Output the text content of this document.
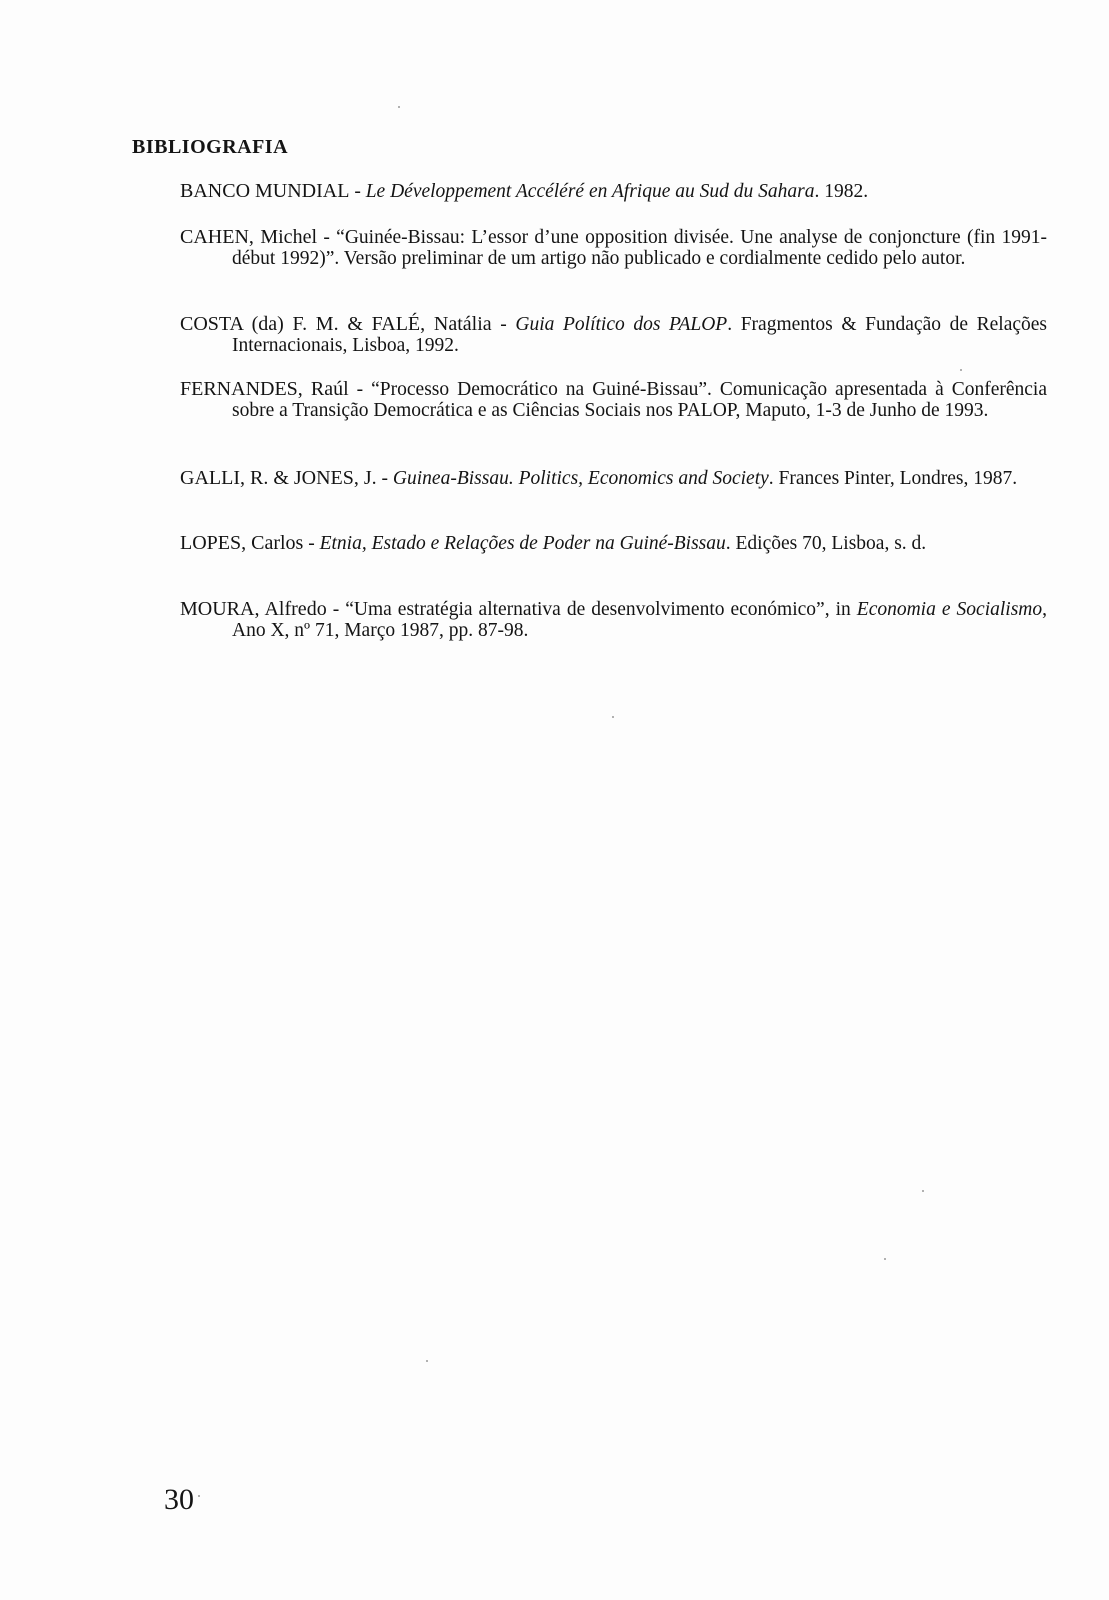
BIBLIOGRAFIA

BANCO MUNDIAL - Le Développement Accéléré en Afrique au Sud du Sahara. 1982.

CAHEN, Michel - “Guinée-Bissau: L’essor d’une opposition divisée. Une analyse de conjoncture (fin 1991-début 1992)”. Versão preliminar de um artigo não publicado e cordialmente cedido pelo autor.

COSTA (da) F. M. & FALÉ, Natália - Guia Político dos PALOP. Fragmentos & Fundação de Relações Internacionais, Lisboa, 1992.

FERNANDES, Raúl - “Processo Democrático na Guiné-Bissau”. Comunicação apresentada à Conferência sobre a Transição Democrática e as Ciências Sociais nos PALOP, Maputo, 1-3 de Junho de 1993.

GALLI, R. & JONES, J. - Guinea-Bissau. Politics, Economics and Society. Frances Pinter, Londres, 1987.

LOPES, Carlos - Etnia, Estado e Relações de Poder na Guiné-Bissau. Edições 70, Lisboa, s. d.

MOURA, Alfredo - “Uma estratégia alternativa de desenvolvimento económico”, in Economia e Socialismo, Ano X, nº 71, Março 1987, pp. 87-98.

30
